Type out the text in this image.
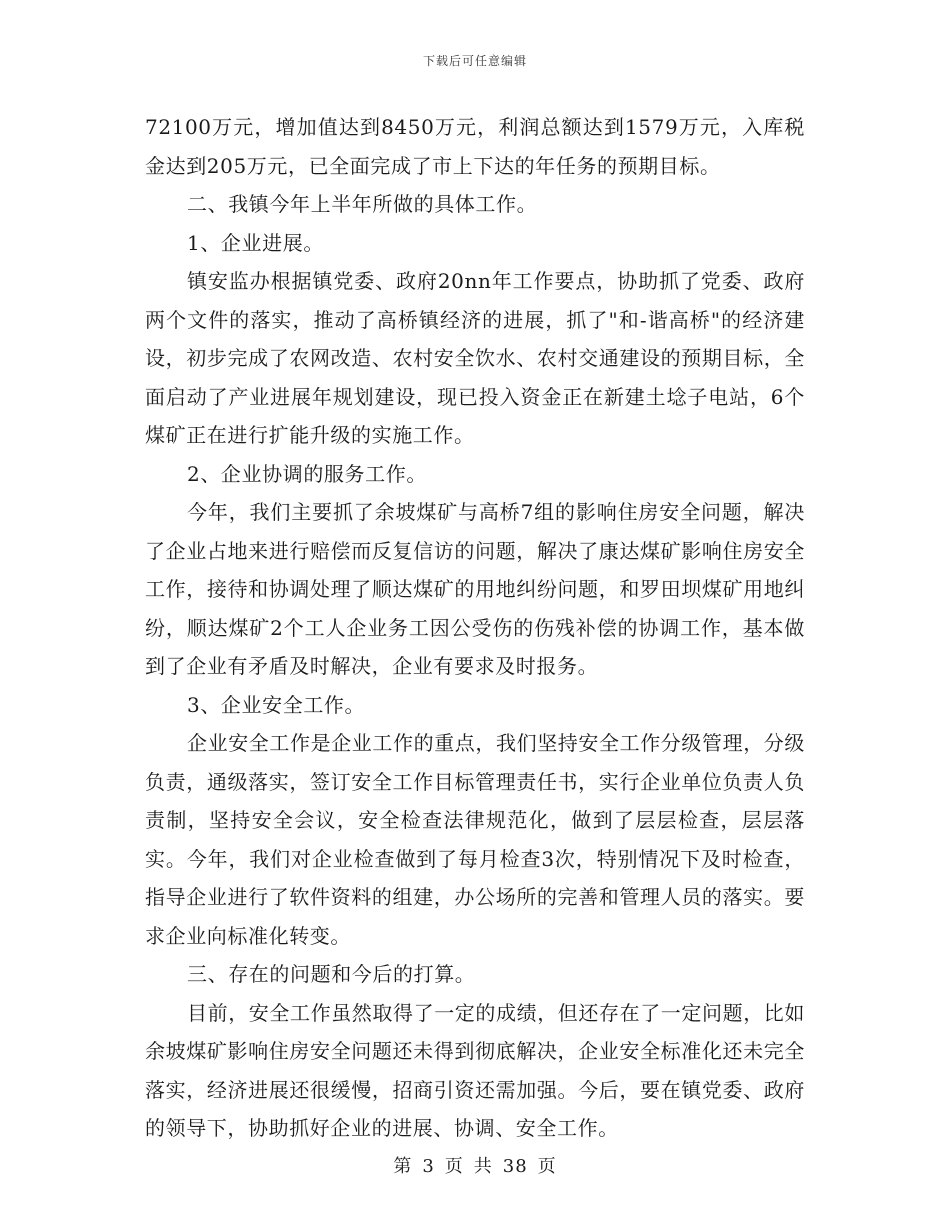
下载后可任意编辑

72100万元，增加值达到8450万元，利润总额达到1579万元，入库税金达到205万元，已全面完成了市上下达的年任务的预期目标。

二、我镇今年上半年所做的具体工作。

1、企业进展。

镇安监办根据镇党委、政府20nn年工作要点，协助抓了党委、政府两个文件的落实，推动了高桥镇经济的进展，抓了"和-谐高桥"的经济建设，初步完成了农网改造、农村安全饮水、农村交通建设的预期目标，全面启动了产业进展年规划建设，现已投入资金正在新建土埝子电站，6个煤矿正在进行扩能升级的实施工作。

2、企业协调的服务工作。

今年，我们主要抓了余坡煤矿与高桥7组的影响住房安全问题，解决了企业占地来进行赔偿而反复信访的问题，解决了康达煤矿影响住房安全工作，接待和协调处理了顺达煤矿的用地纠纷问题，和罗田坝煤矿用地纠纷，顺达煤矿2个工人企业务工因公受伤的伤残补偿的协调工作，基本做到了企业有矛盾及时解决，企业有要求及时报务。

3、企业安全工作。

企业安全工作是企业工作的重点，我们坚持安全工作分级管理，分级负责，通级落实，签订安全工作目标管理责任书，实行企业单位负责人负责制，坚持安全会议，安全检查法律规范化，做到了层层检查，层层落实。今年，我们对企业检查做到了每月检查3次，特别情况下及时检查，指导企业进行了软件资料的组建，办公场所的完善和管理人员的落实。要求企业向标准化转变。

三、存在的问题和今后的打算。

目前，安全工作虽然取得了一定的成绩，但还存在了一定问题，比如余坡煤矿影响住房安全问题还未得到彻底解决，企业安全标准化还未完全落实，经济进展还很缓慢，招商引资还需加强。今后，要在镇党委、政府的领导下，协助抓好企业的进展、协调、安全工作。

第 3 页 共 38 页
